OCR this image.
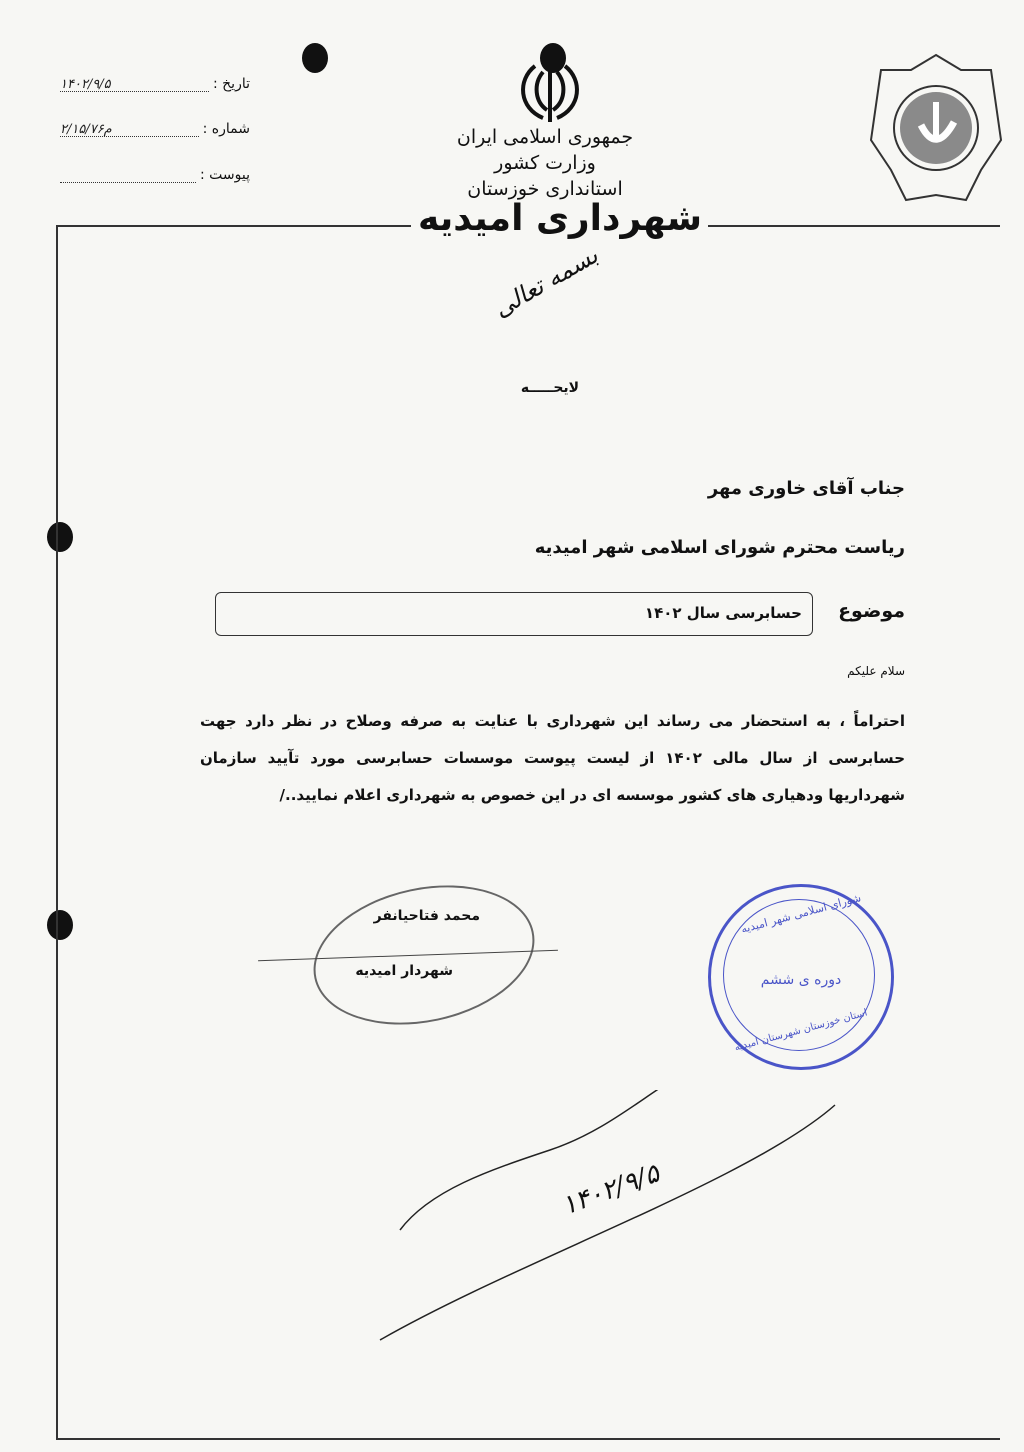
تاریخ :
۱۴۰۲/۹/۵
شماره :
۲/۱۵/۷۶م
پیوست :
جمهوری اسلامی ایران
وزارت کشور
استانداری خوزستان
شهرداری امیدیه
بسمه تعالی
لایحـــــه
جناب آقای خاوری مهر
ریاست محترم شورای اسلامی شهر امیدیه
موضوع
حسابرسی سال ۱۴۰۲
سلام علیکم
احتراماً ، به استحضار می رساند این شهرداری با عنایت به صرفه وصلاح در نظر دارد جهت حسابرسی از سال مالی ۱۴۰۲ از لیست پیوست موسسات حسابرسی مورد تآیید سازمان شهرداریها ودهیاری های کشور موسسه ای در این خصوص به شهرداری اعلام نمایید../
محمد فتاحیانفر
شهردار امیدیه
شورای اسلامی شهر امیدیه
دوره ی ششم
استان خوزستان شهرستان امیدیه
۱۴۰۲/۹/۵
